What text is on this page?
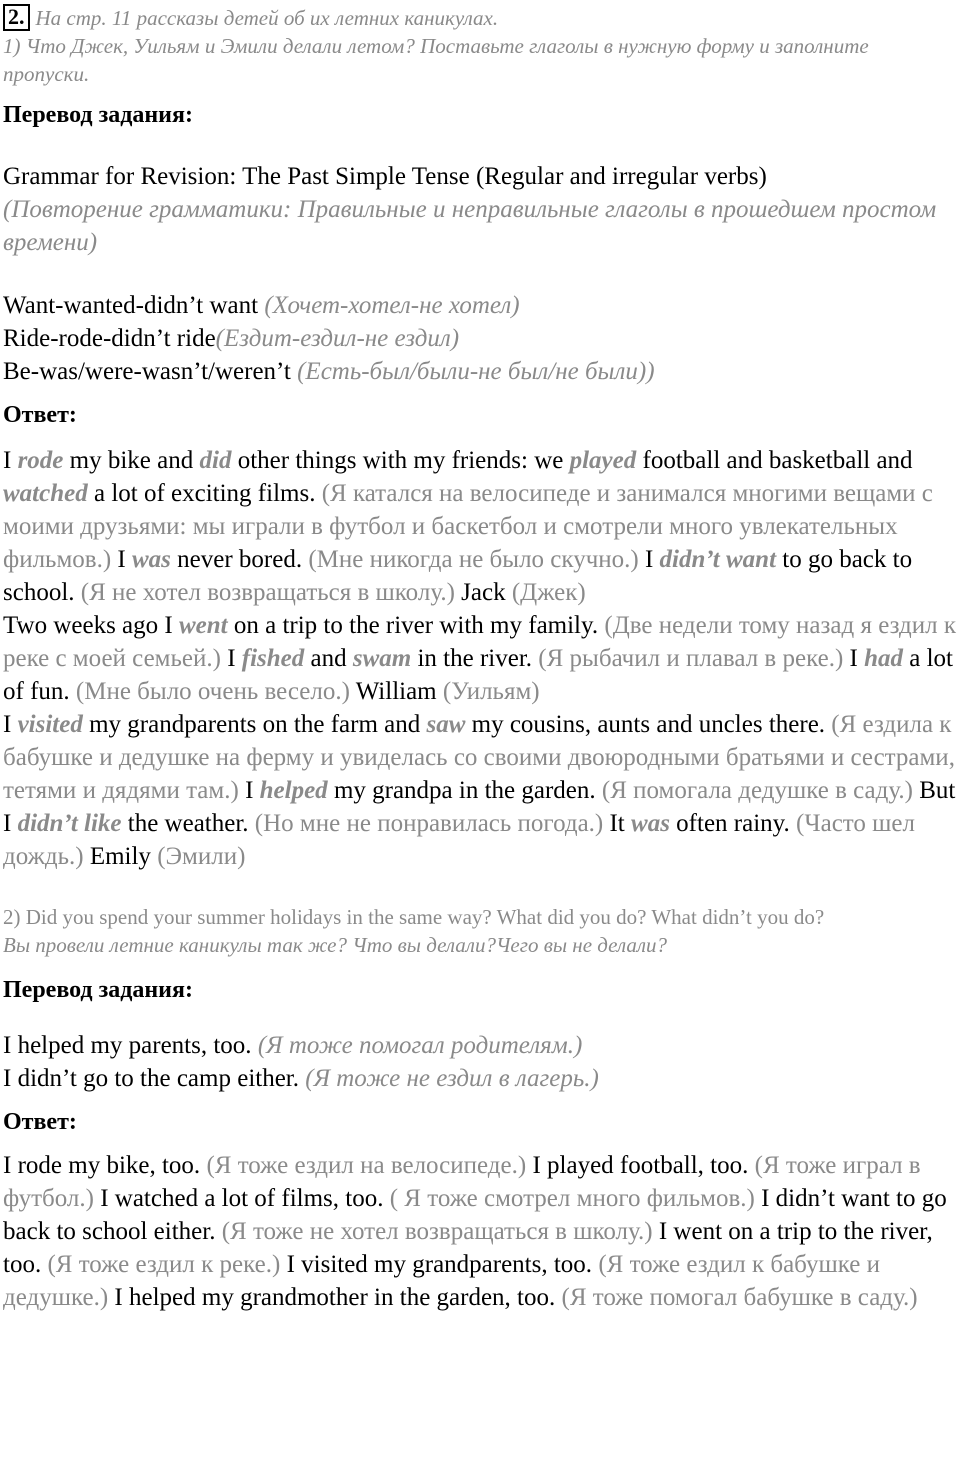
2. На стр. 11 рассказы детей об их летних каникулах.

1) Что Джек, Уильям и Эмили делали летом? Поставьте глаголы в нужную форму и заполните пропуски.

Перевод задания:

Grammar for Revision: The Past Simple Tense (Regular and irregular verbs)

(Повторение грамматики: Правильные и неправильные глаголы в прошедшем простом времени)

Want-wanted-didn’t want (Хочет-хотел-не хотел)

Ride-rode-didn’t ride(Ездит-ездил-не ездил)

Be-was/were-wasn’t/weren’t (Есть-был/были-не был/не были))

Ответ:

I rode my bike and did other things with my friends: we played football and basketball and watched a lot of exciting films. (Я катался на велосипеде и занимался многими вещами с моими друзьями: мы играли в футбол и баскетбол и смотрели много увлекательных фильмов.) I was never bored. (Мне никогда не было скучно.) I didn’t want to go back to school. (Я не хотел возвращаться в школу.) Jack (Джек)
Two weeks ago I went on a trip to the river with my family. (Две недели тому назад я ездил к реке с моей семьей.) I fished and swam in the river. (Я рыбачил и плавал в реке.) I had a lot of fun. (Мне было очень весело.) William (Уильям)
I visited my grandparents on the farm and saw my cousins, aunts and uncles there. (Я ездила к бабушке и дедушке на ферму и увиделась со своими двоюродными братьями и сестрами, тетями и дядями там.) I helped my grandpa in the garden. (Я помогала дедушке в саду.) But I didn’t like the weather. (Но мне не понравилась погода.) It was often rainy. (Часто шел дождь.) Emily (Эмили)

2) Did you spend your summer holidays in the same way? What did you do? What didn’t you do?

Вы провели летние каникулы так же? Что вы делали?Чего вы не делали?

Перевод задания:

I helped my parents, too. (Я тоже помогал родителям.)

I didn’t go to the camp either. (Я тоже не ездил в лагерь.)

Ответ:

I rode my bike, too. (Я тоже ездил на велосипеде.) I played football, too. (Я тоже играл в футбол.) I watched a lot of films, too. ( Я тоже смотрел много фильмов.) I didn’t want to go back to school either. (Я тоже не хотел возвращаться в школу.) I went on a trip to the river, too. (Я тоже ездил к реке.) I visited my grandparents, too. (Я тоже ездил к бабушке и дедушке.) I helped my grandmother in the garden, too. (Я тоже помогал бабушке в саду.)
